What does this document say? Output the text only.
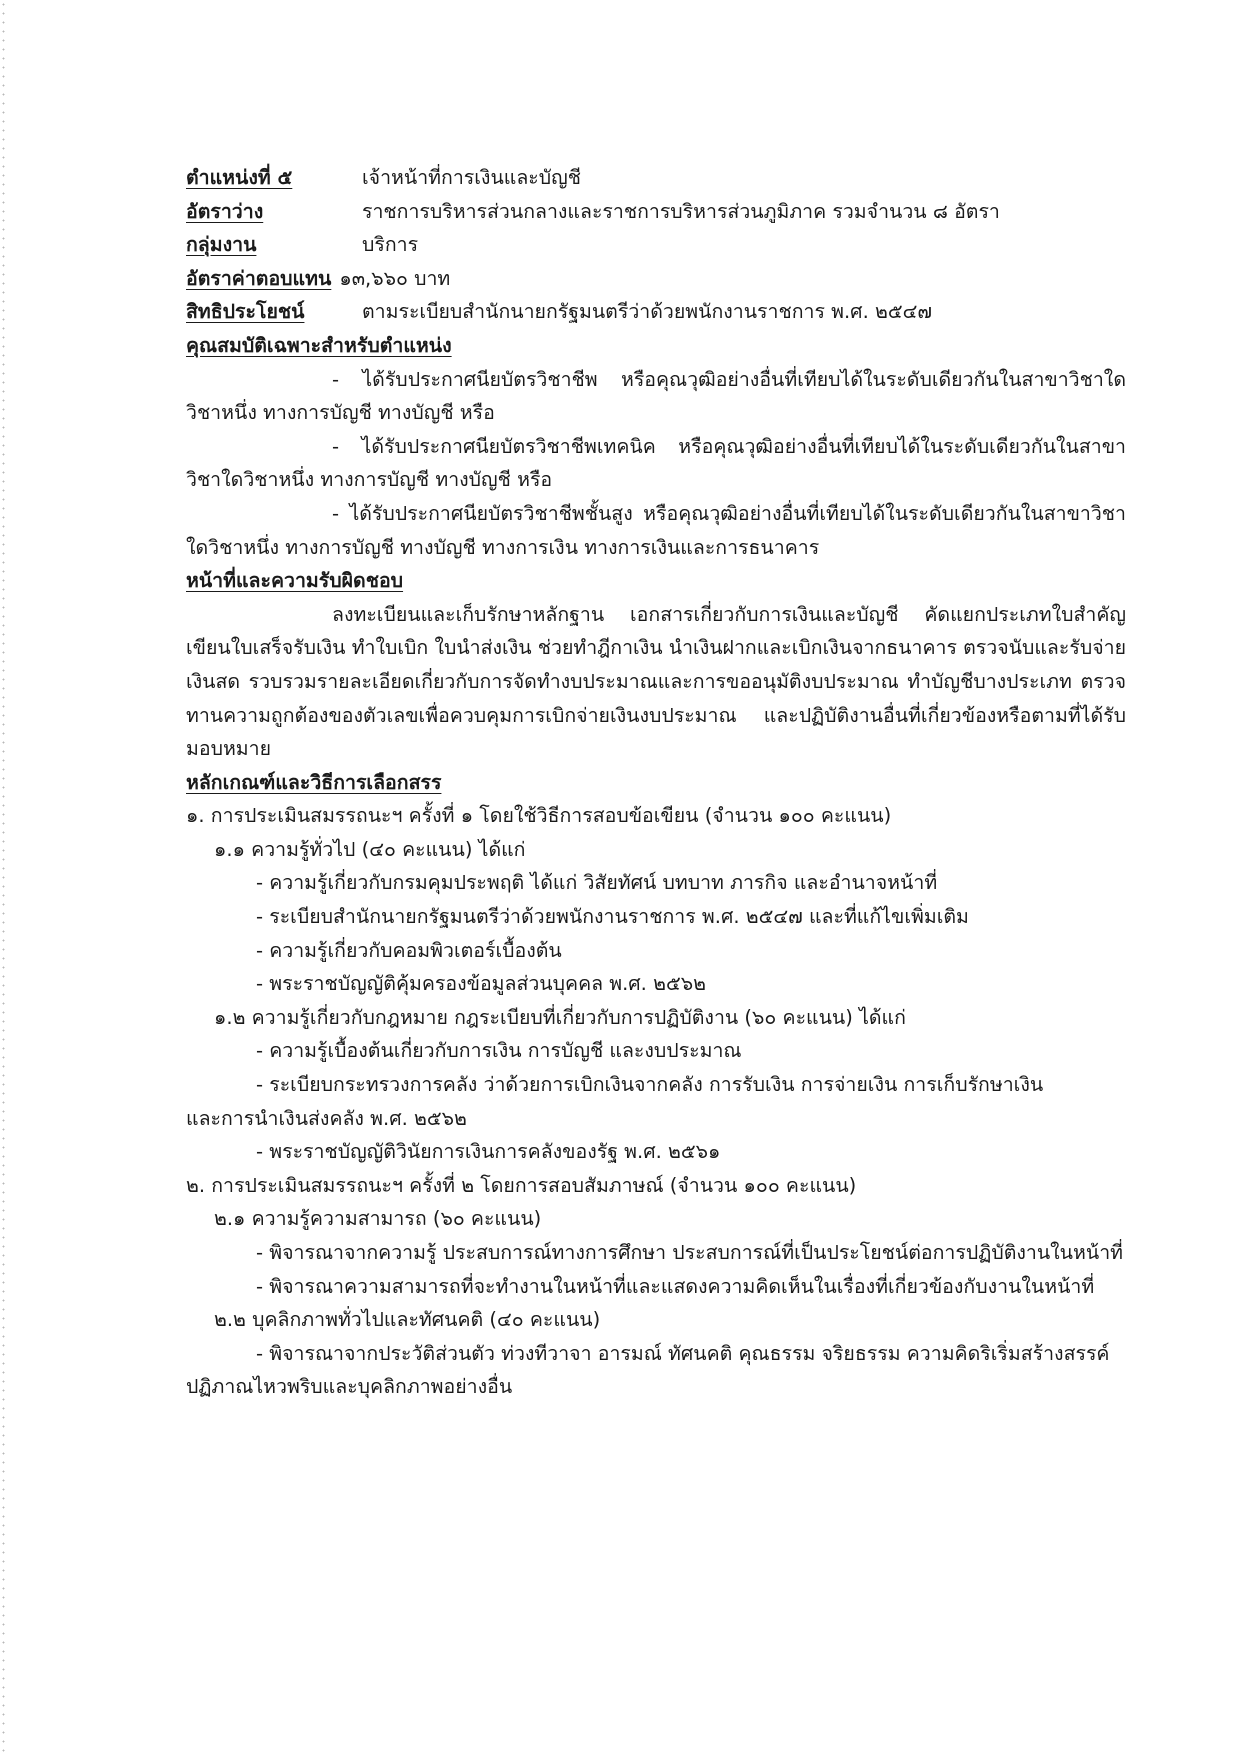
ตำแหน่งที่ ๕	เจ้าหน้าที่การเงินและบัญชี
อัตราว่าง	ราชการบริหารส่วนกลางและราชการบริหารส่วนภูมิภาค รวมจำนวน ๘ อัตรา
กลุ่มงาน	บริการ
อัตราค่าตอบแทน ๑๓,๖๖๐ บาท
สิทธิประโยชน์	ตามระเบียบสำนักนายกรัฐมนตรีว่าด้วยพนักงานราชการ พ.ศ. ๒๕๔๗
คุณสมบัติเฉพาะสำหรับตำแหน่ง
- ได้รับประกาศนียบัตรวิชาชีพ หรือคุณวุฒิอย่างอื่นที่เทียบได้ในระดับเดียวกันในสาขาวิชาใดวิชาหนึ่ง ทางการบัญชี ทางบัญชี หรือ
- ได้รับประกาศนียบัตรวิชาชีพเทคนิค หรือคุณวุฒิอย่างอื่นที่เทียบได้ในระดับเดียวกันในสาขาวิชาใดวิชาหนึ่ง ทางการบัญชี ทางบัญชี หรือ
- ได้รับประกาศนียบัตรวิชาชีพชั้นสูง หรือคุณวุฒิอย่างอื่นที่เทียบได้ในระดับเดียวกันในสาขาวิชาใดวิชาหนึ่ง ทางการบัญชี ทางบัญชี ทางการเงิน ทางการเงินและการธนาคาร
หน้าที่และความรับผิดชอบ
ลงทะเบียนและเก็บรักษาหลักฐาน เอกสารเกี่ยวกับการเงินและบัญชี คัดแยกประเภทใบสำคัญ เขียนใบเสร็จรับเงิน ทำใบเบิก ใบนำส่งเงิน ช่วยทำฎีกาเงิน นำเงินฝากและเบิกเงินจากธนาคาร ตรวจนับและรับจ่ายเงินสด รวบรวมรายละเอียดเกี่ยวกับการจัดทำงบประมาณและการขออนุมัติงบประมาณ ทำบัญชีบางประเภท ตรวจทานความถูกต้องของตัวเลขเพื่อควบคุมการเบิกจ่ายเงินงบประมาณ และปฏิบัติงานอื่นที่เกี่ยวข้องหรือตามที่ได้รับมอบหมาย
หลักเกณฑ์และวิธีการเลือกสรร
๑. การประเมินสมรรถนะฯ ครั้งที่ ๑ โดยใช้วิธีการสอบข้อเขียน (จำนวน ๑๐๐ คะแนน)
๑.๑ ความรู้ทั่วไป (๔๐ คะแนน) ได้แก่
- ความรู้เกี่ยวกับกรมคุมประพฤติ ได้แก่ วิสัยทัศน์ บทบาท ภารกิจ และอำนาจหน้าที่
- ระเบียบสำนักนายกรัฐมนตรีว่าด้วยพนักงานราชการ พ.ศ. ๒๕๔๗ และที่แก้ไขเพิ่มเติม
- ความรู้เกี่ยวกับคอมพิวเตอร์เบื้องต้น
- พระราชบัญญัติคุ้มครองข้อมูลส่วนบุคคล พ.ศ. ๒๕๖๒
๑.๒ ความรู้เกี่ยวกับกฎหมาย กฎระเบียบที่เกี่ยวกับการปฏิบัติงาน (๖๐ คะแนน) ได้แก่
- ความรู้เบื้องต้นเกี่ยวกับการเงิน การบัญชี และงบประมาณ
- ระเบียบกระทรวงการคลัง ว่าด้วยการเบิกเงินจากคลัง การรับเงิน การจ่ายเงิน การเก็บรักษาเงิน
และการนำเงินส่งคลัง พ.ศ. ๒๕๖๒
- พระราชบัญญัติวินัยการเงินการคลังของรัฐ พ.ศ. ๒๕๖๑
๒. การประเมินสมรรถนะฯ ครั้งที่ ๒ โดยการสอบสัมภาษณ์ (จำนวน ๑๐๐ คะแนน)
๒.๑ ความรู้ความสามารถ (๖๐ คะแนน)
- พิจารณาจากความรู้ ประสบการณ์ทางการศึกษา ประสบการณ์ที่เป็นประโยชน์ต่อการปฏิบัติงานในหน้าที่
- พิจารณาความสามารถที่จะทำงานในหน้าที่และแสดงความคิดเห็นในเรื่องที่เกี่ยวข้องกับงานในหน้าที่
๒.๒ บุคลิกภาพทั่วไปและทัศนคติ (๔๐ คะแนน)
- พิจารณาจากประวัติส่วนตัว ท่วงทีวาจา อารมณ์ ทัศนคติ คุณธรรม จริยธรรม ความคิดริเริ่มสร้างสรรค์
ปฏิภาณไหวพริบและบุคลิกภาพอย่างอื่น
